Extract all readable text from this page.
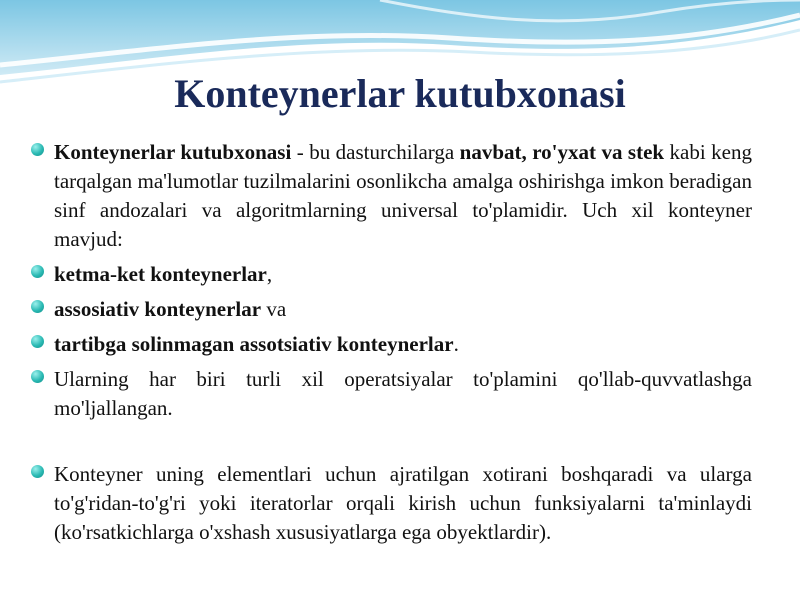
Konteynerlar kutubxonasi
Konteynerlar kutubxonasi - bu dasturchilarga navbat, ro'yxat va stek kabi keng tarqalgan ma'lumotlar tuzilmalarini osonlikcha amalga oshirishga imkon beradigan sinf andozalari va algoritmlarning universal to'plamidir. Uch xil konteyner mavjud:
ketma-ket konteynerlar,
assosiativ konteynerlar va
tartibga solinmagan assotsiativ konteynerlar.
Ularning har biri turli xil operatsiyalar to'plamini qo'llab-quvvatlashga mo'ljallangan.
Konteyner uning elementlari uchun ajratilgan xotirani boshqaradi va ularga to'g'ridan-to'g'ri yoki iteratorlar orqali kirish uchun funksiyalarni ta'minlaydi (ko'rsatkichlarga o'xshash xususiyatlarga ega obyektlardir).
